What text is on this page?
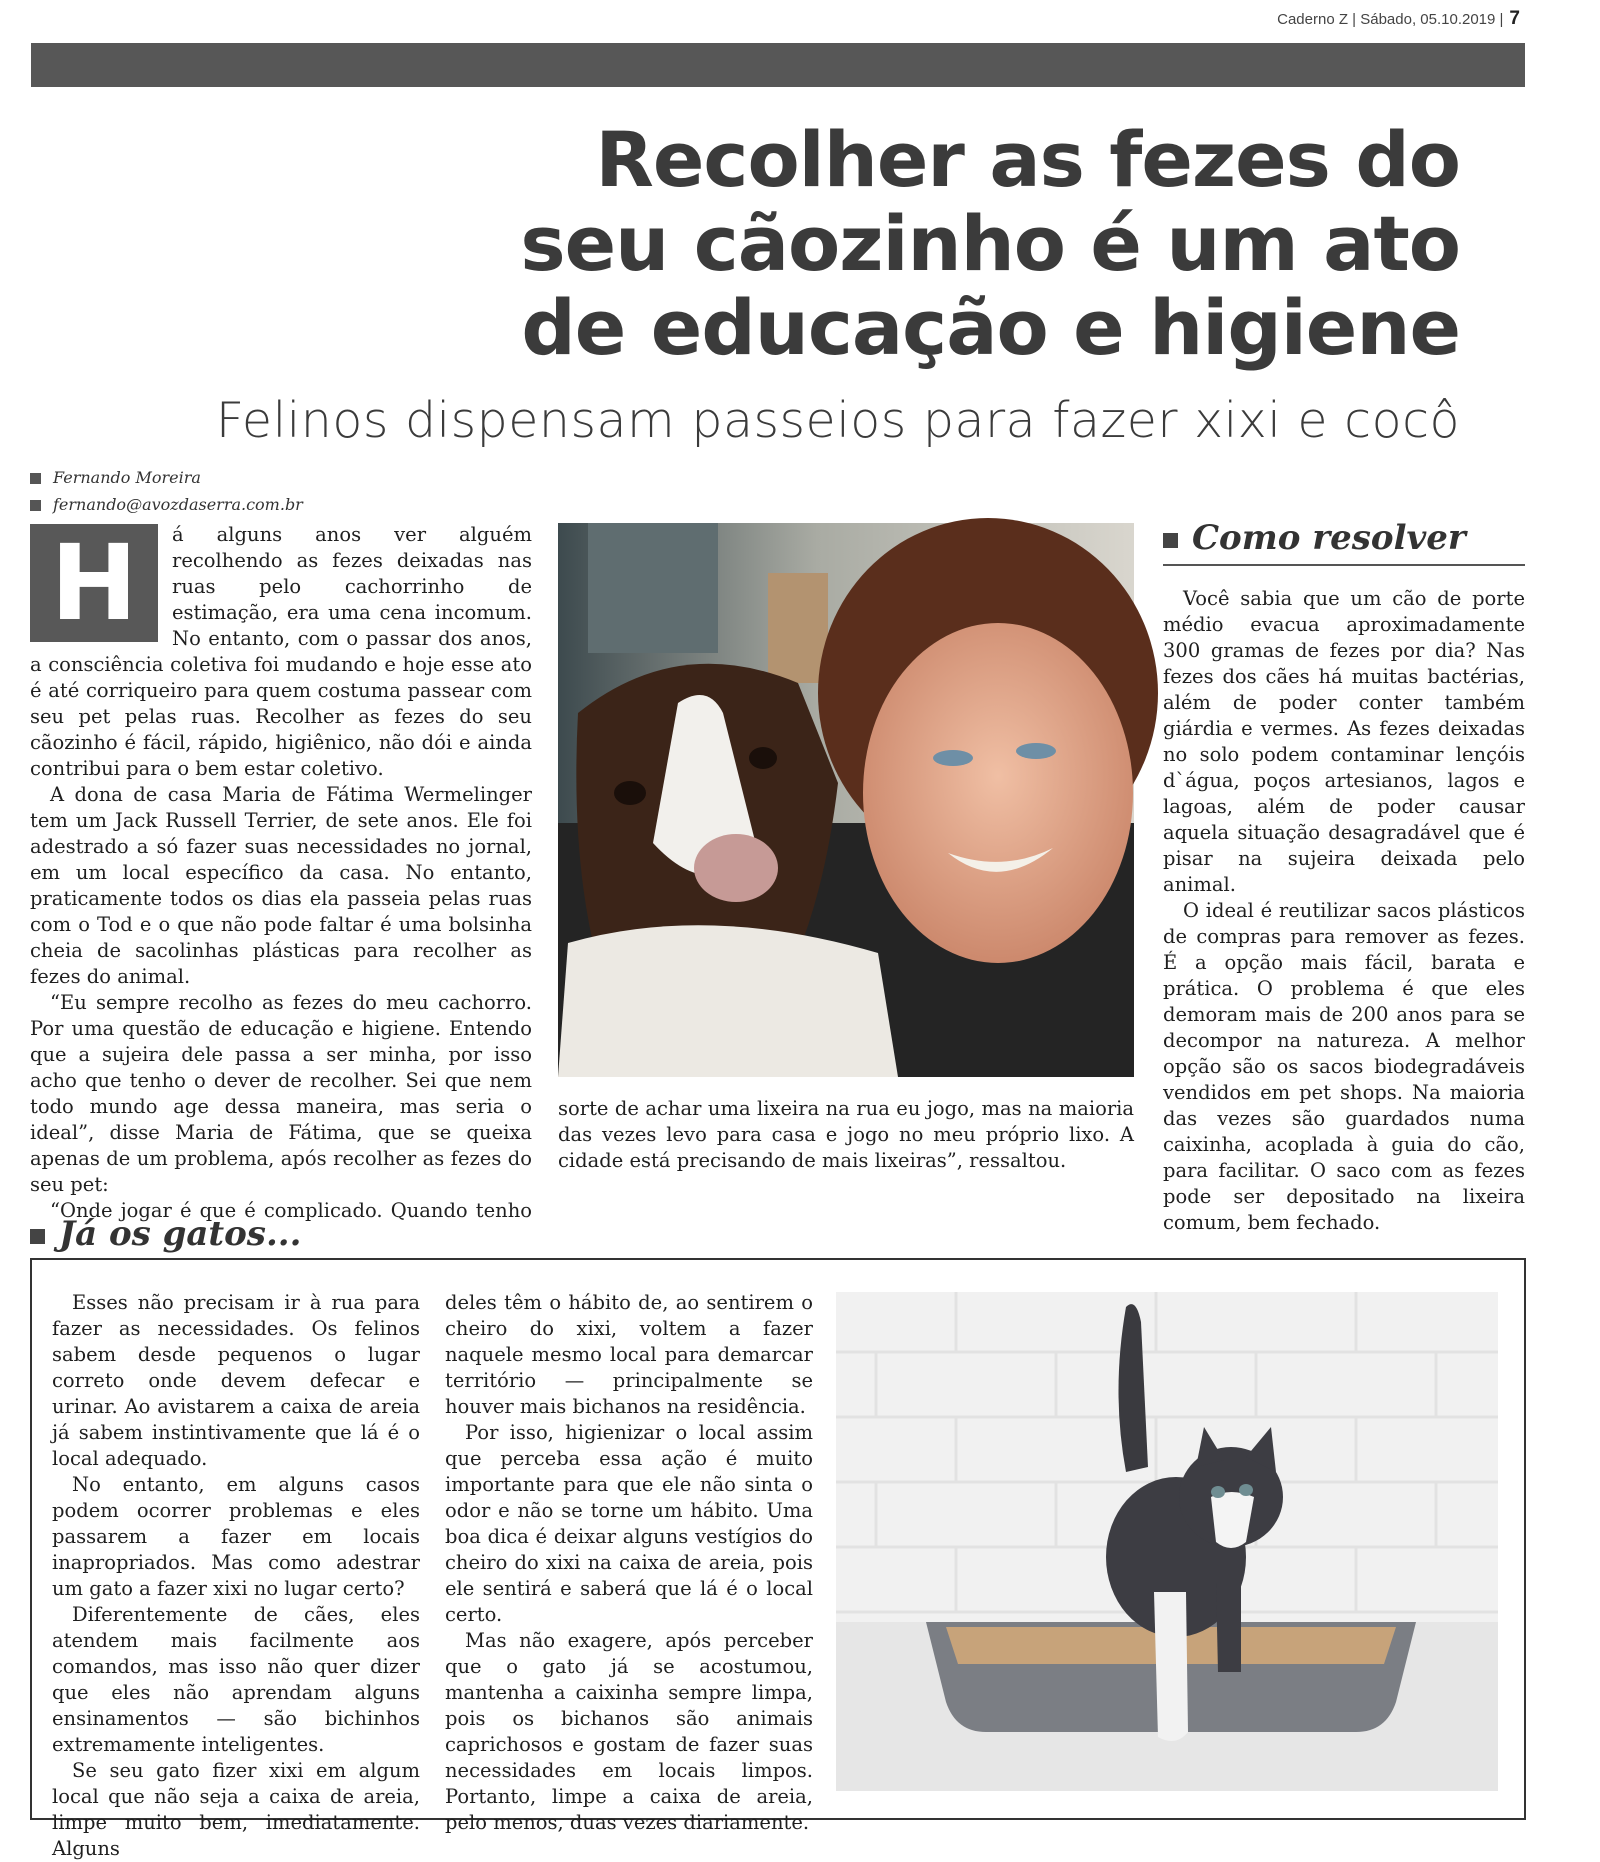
Caderno Z | Sábado, 05.10.2019 | 7
Recolher as fezes do
seu cãozinho é um ato
de educação e higiene
Felinos dispensam passeios para fazer xixi e cocô
Fernando Moreira
fernando@avozdaserra.com.br
H	á alguns anos ver alguém recolhendo as fezes deixadas nas ruas pelo cachorrinho de estimação, era uma cena incomum. No entanto, com o passar dos anos, a consciência coletiva foi mudando e hoje esse ato é até corriqueiro para quem costuma passear com seu pet pelas ruas. Recolher as fezes do seu cãozinho é fácil, rápido, higiênico, não dói e ainda contribui para o bem estar coletivo.

A dona de casa Maria de Fátima Wermelinger tem um Jack Russell Terrier, de sete anos. Ele foi adestrado a só fazer suas necessidades no jornal, em um local específico da casa. No entanto, praticamente todos os dias ela passeia pelas ruas com o Tod e o que não pode faltar é uma bolsinha cheia de sacolinhas plásticas para recolher as fezes do animal.

“Eu sempre recolho as fezes do meu cachorro. Por uma questão de educação e higiene. Entendo que a sujeira dele passa a ser minha, por isso acho que tenho o dever de recolher. Sei que nem todo mundo age dessa maneira, mas seria o ideal”, disse Maria de Fátima, que se queixa apenas de um problema, após recolher as fezes do seu pet:

“Onde jogar é que é complicado. Quando tenho

sorte de achar uma lixeira na rua eu jogo, mas na maioria das vezes levo para casa e jogo no meu próprio lixo. A cidade está precisando de mais lixeiras”, ressaltou.

Como resolver

Você sabia que um cão de porte médio evacua aproximadamente 300 gramas de fezes por dia? Nas fezes dos cães há muitas bactérias, além de poder conter também giárdia e vermes. As fezes deixadas no solo podem contaminar lençóis d`água, poços artesianos, lagos e lagoas, além de poder causar aquela situação desagradável que é pisar na sujeira deixada pelo animal.

O ideal é reutilizar sacos plásticos de compras para remover as fezes. É a opção mais fácil, barata e prática. O problema é que eles demoram mais de 200 anos para se decompor na natureza. A melhor opção são os sacos biodegradáveis vendidos em pet shops. Na maioria das vezes são guardados numa caixinha, acoplada à guia do cão, para facilitar. O saco com as fezes pode ser depositado na lixeira comum, bem fechado.

Já os gatos...

Esses não precisam ir à rua para fazer as necessidades. Os felinos sabem desde pequenos o lugar correto onde devem defecar e urinar. Ao avistarem a caixa de areia já sabem instintivamente que lá é o local adequado.

No entanto, em alguns casos podem ocorrer problemas e eles passarem a fazer em locais inapropriados. Mas como adestrar um gato a fazer xixi no lugar certo?

Diferentemente de cães, eles atendem mais facilmente aos comandos, mas isso não quer dizer que eles não aprendam alguns ensinamentos — são bichinhos extremamente inteligentes.

Se seu gato fizer xixi em algum local que não seja a caixa de areia, limpe muito bem, imediatamente. Alguns

deles têm o hábito de, ao sentirem o cheiro do xixi, voltem a fazer naquele mesmo local para demarcar território — principalmente se houver mais bichanos na residência.

Por isso, higienizar o local assim que perceba essa ação é muito importante para que ele não sinta o odor e não se torne um hábito. Uma boa dica é deixar alguns vestígios do cheiro do xixi na caixa de areia, pois ele sentirá e saberá que lá é o local certo.

Mas não exagere, após perceber que o gato já se acostumou, mantenha a caixinha sempre limpa, pois os bichanos são animais caprichosos e gostam de fazer suas necessidades em locais limpos. Portanto, limpe a caixa de areia, pelo menos, duas vezes diariamente.
